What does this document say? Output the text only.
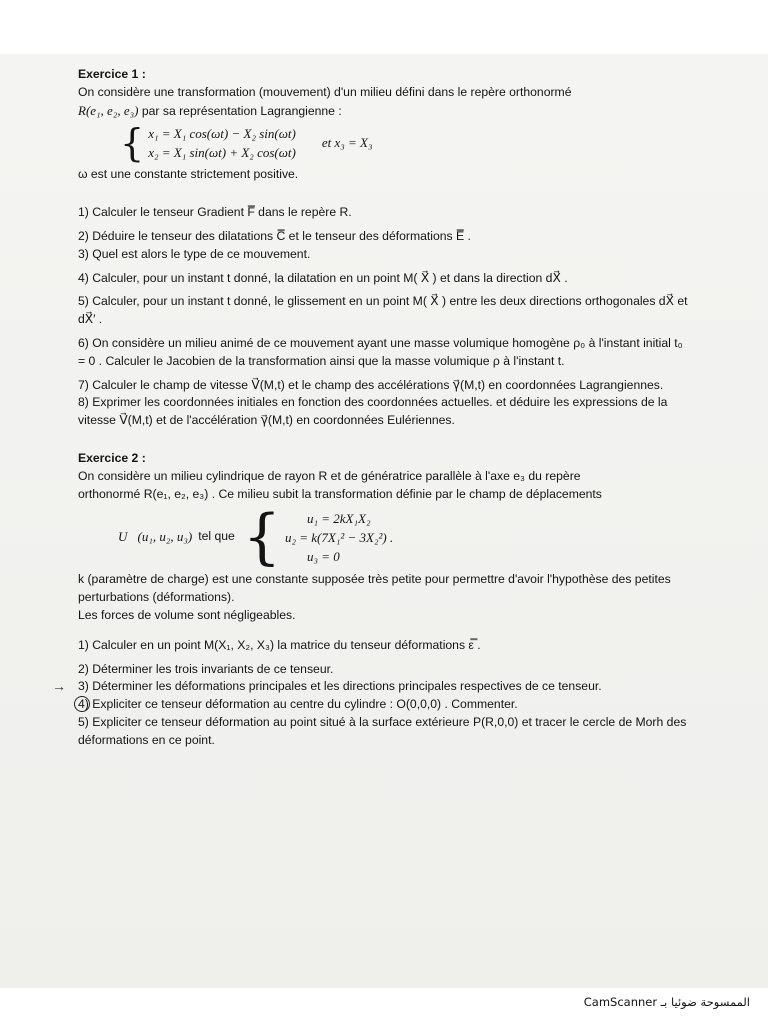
Exercice 1 :

On considère une transformation (mouvement) d'un milieu défini dans le repère orthonormé

R(e₁, e₂, e₃) par sa représentation Lagrangienne :

{ x₁ = X₁ cos(ωt) − X₂ sin(ωt)
x₂ = X₁ sin(ωt) + X₂ cos(ωt)
et x₃ = X₃

ω est une constante strictement positive.

1) Calculer le tenseur Gradient F̿ dans le repère R.

2) Déduire le tenseur des dilatations C̿ et le tenseur des déformations E̿ .

3) Quel est alors le type de ce mouvement.

4) Calculer, pour un instant t donné, la dilatation en un point M( X⃗ ) et dans la direction dX⃗ .

5) Calculer, pour un instant t donné, le glissement en un point M( X⃗ ) entre les deux directions orthogonales dX⃗ et dX⃗′ .

6) On considère un milieu animé de ce mouvement ayant une masse volumique homogène ρ₀ à l'instant initial t₀ = 0 . Calculer le Jacobien de la transformation ainsi que la masse volumique ρ à l'instant t.

7) Calculer le champ de vitesse V⃗(M,t) et le champ des accélérations γ⃗(M,t) en coordonnées Lagrangiennes.

8) Exprimer les coordonnées initiales en fonction des coordonnées actuelles. et déduire les expressions de la vitesse V⃗(M,t) et de l'accélération γ⃗(M,t) en coordonnées Eulériennes.

Exercice 2 :

On considère un milieu cylindrique de rayon R et de génératrice parallèle à l'axe e₃ du repère

orthonormé R(e₁, e₂, e₃) . Ce milieu subit la transformation définie par le champ de déplacements

U⃗(u₁, u₂, u₃) tel que {	u₁ = 2kX₁X₂
u₂ = k(7X₁² − 3X₂²) .
u₃ = 0

k (paramètre de charge) est une constante supposée très petite pour permettre d'avoir l'hypothèse des petites perturbations (déformations).

Les forces de volume sont négligeables.

1) Calculer en un point M(X₁, X₂, X₃) la matrice du tenseur déformations ε̿ .

2) Déterminer les trois invariants de ce tenseur.

→ 3) Déterminer les déformations principales et les directions principales respectives de ce tenseur.

4) Expliciter ce tenseur déformation au centre du cylindre : O(0,0,0) . Commenter.

5) Expliciter ce tenseur déformation au point situé à la surface extérieure P(R,0,0) et tracer le cercle de Morh des déformations en ce point.

CamScanner الممسوحة ضوئيا بـ
